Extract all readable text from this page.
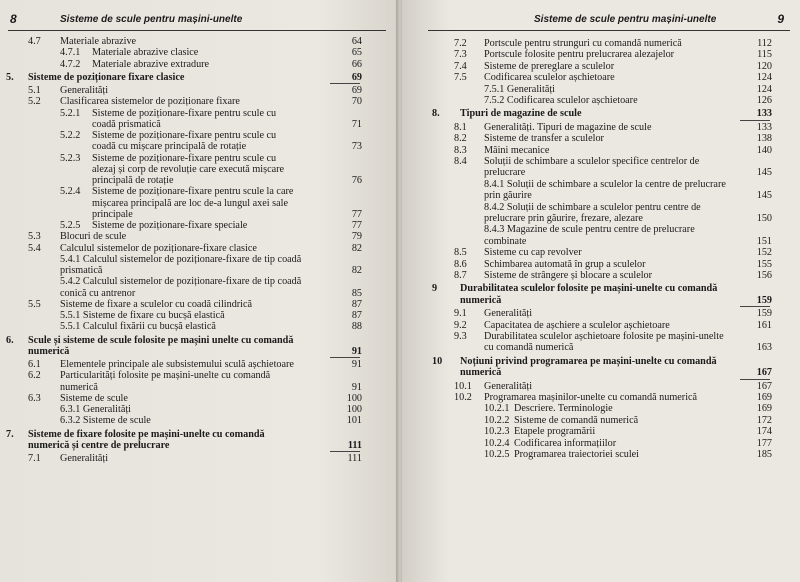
8	Sisteme de scule pentru mașini-unelte
4.7 Materiale abrazive	64
4.7.1 Materiale abrazive clasice	65
4.7.2 Materiale abrazive extradure	66
5. Sisteme de poziționare fixare clasice	69
5.1 Generalități	69
5.2 Clasificarea sistemelor de poziționare fixare	70
5.2.1 Sisteme de poziționare-fixare pentru scule cu
coadă prismatică	71
5.2.2 Sisteme de poziționare-fixare pentru scule cu
coadă cu mișcare principală de rotație	73
5.2.3 Sisteme de poziționare-fixare pentru scule cu
alezaj și corp de revoluție care execută mișcare
principală de rotație	76
5.2.4 Sisteme de poziționare-fixare pentru scule la care
mișcarea principală are loc de-a lungul axei sale
principale	77
5.2.5 Sisteme de poziționare-fixare speciale	77
5.3 Blocuri de scule	79
5.4 Calculul sistemelor de poziționare-fixare clasice	82
5.4.1 Calculul sistemelor de poziționare-fixare de tip coadă
prismatică	82
5.4.2 Calculul sistemelor de poziționare-fixare de tip coadă
conică cu antrenor	85
5.5 Sisteme de fixare a sculelor cu coadă cilindrică	87
5.5.1 Sisteme de fixare cu bucșă elastică	87
5.5.1 Calculul fixării cu bucșă elastică	88
6. Scule și sisteme de scule folosite pe mașini unelte cu comandă
numerică	91
6.1 Elementele principale ale subsistemului sculă așchietoare	91
6.2 Particularități folosite pe mașini-unelte cu comandă
numerică	91
6.3 Sisteme de scule	100
6.3.1 Generalități	100
6.3.2 Sisteme de scule	101
7. Sisteme de fixare folosite pe mașini-unelte cu comandă
numerică și centre de prelucrare	111
7.1 Generalități	111
Sisteme de scule pentru mașini-unelte	9
7.2 Portscule pentru strunguri cu comandă numerică	112
7.3 Portscule folosite pentru prelucrarea alezajelor	115
7.4 Sisteme de prereglare a sculelor	120
7.5 Codificarea sculelor așchietoare	124
7.5.1 Generalități	124
7.5.2 Codificarea sculelor așchietoare	126
8. Tipuri de magazine de scule	133
8.1 Generalități. Tipuri de magazine de scule	133
8.2 Sisteme de transfer a sculelor	138
8.3 Mâini mecanice	140
8.4 Soluții de schimbare a sculelor specifice centrelor de
prelucrare	145
8.4.1 Soluții de schimbare a sculelor la centre de prelucrare
prin găurire	145
8.4.2 Soluții de schimbare a sculelor pentru centre de
prelucrare prin găurire, frezare, alezare	150
8.4.3 Magazine de scule pentru centre de prelucrare
combinate	151
8.5 Sisteme cu cap revolver	152
8.6 Schimbarea automată în grup a sculelor	155
8.7 Sisteme de strângere și blocare a sculelor	156
9 Durabilitatea sculelor folosite pe mașini-unelte cu comandă
numerică	159
9.1 Generalități	159
9.2 Capacitatea de așchiere a sculelor așchietoare	161
9.3 Durabilitatea sculelor așchietoare folosite pe mașini-unelte
cu comandă numerică	163
10 Noțiuni privind programarea pe mașini-unelte cu comandă
numerică	167
10.1 Generalități	167
10.2 Programarea mașinilor-unelte cu comandă numerică	169
10.2.1 Descriere. Terminologie	169
10.2.2 Sisteme de comandă numerică	172
10.2.3 Etapele programării	174
10.2.4 Codificarea informațiilor	177
10.2.5 Programarea traiectoriei sculei	185
